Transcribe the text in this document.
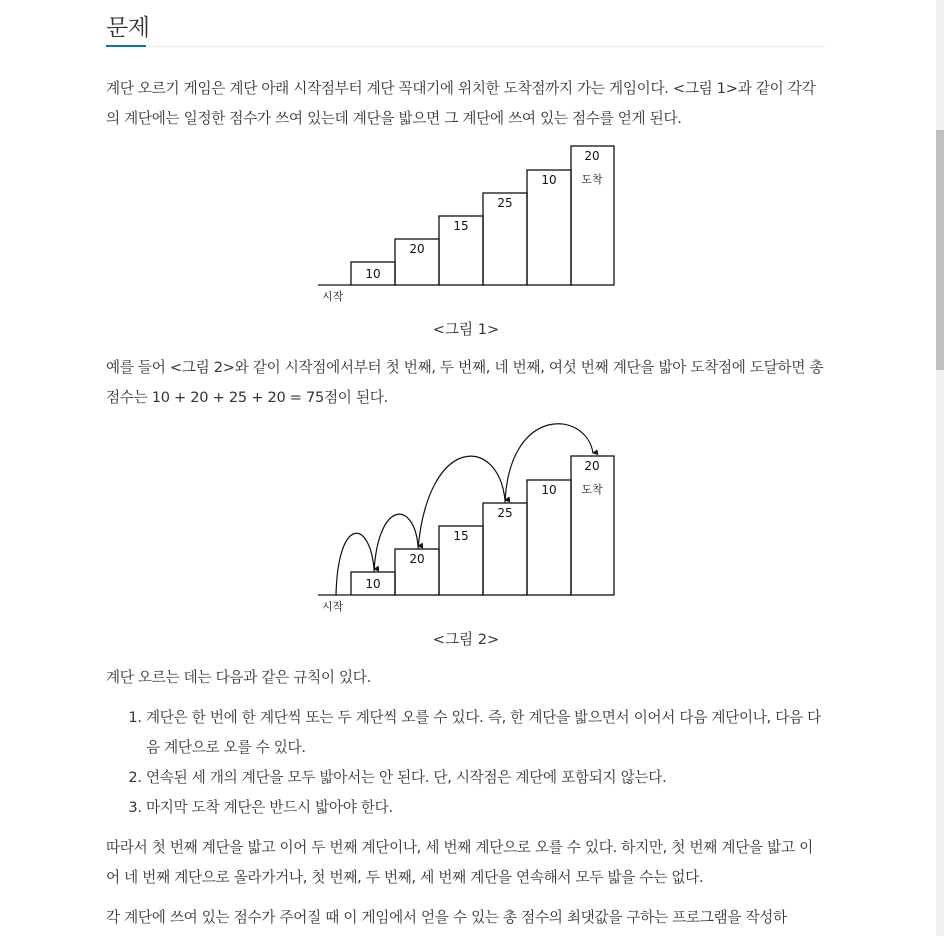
문제

계단 오르기 게임은 계단 아래 시작점부터 계단 꼭대기에 위치한 도착점까지 가는 게임이다. <그림 1>과 같이 각각의 계단에는 일정한 점수가 쓰여 있는데 계단을 밟으면 그 계단에 쓰여 있는 점수를 얻게 된다.

10
20
15
25
10
20
도착
시작
<그림 1>

예를 들어 <그림 2>와 같이 시작점에서부터 첫 번째, 두 번째, 네 번째, 여섯 번째 계단을 밟아 도착점에 도달하면 총 점수는 10 + 20 + 25 + 20 = 75점이 된다.

10
20
15
25
10
20
도착
시작
<그림 2>

계단 오르는 데는 다음과 같은 규칙이 있다.

1. 계단은 한 번에 한 계단씩 또는 두 계단씩 오를 수 있다. 즉, 한 계단을 밟으면서 이어서 다음 계단이나, 다음 다음 계단으로 오를 수 있다.
2. 연속된 세 개의 계단을 모두 밟아서는 안 된다. 단, 시작점은 계단에 포함되지 않는다.
3. 마지막 도착 계단은 반드시 밟아야 한다.

따라서 첫 번째 계단을 밟고 이어 두 번째 계단이나, 세 번째 계단으로 오를 수 있다. 하지만, 첫 번째 계단을 밟고 이어 네 번째 계단으로 올라가거나, 첫 번째, 두 번째, 세 번째 계단을 연속해서 모두 밟을 수는 없다.

각 계단에 쓰여 있는 점수가 주어질 때 이 게임에서 얻을 수 있는 총 점수의 최댓값을 구하는 프로그램을 작성하
